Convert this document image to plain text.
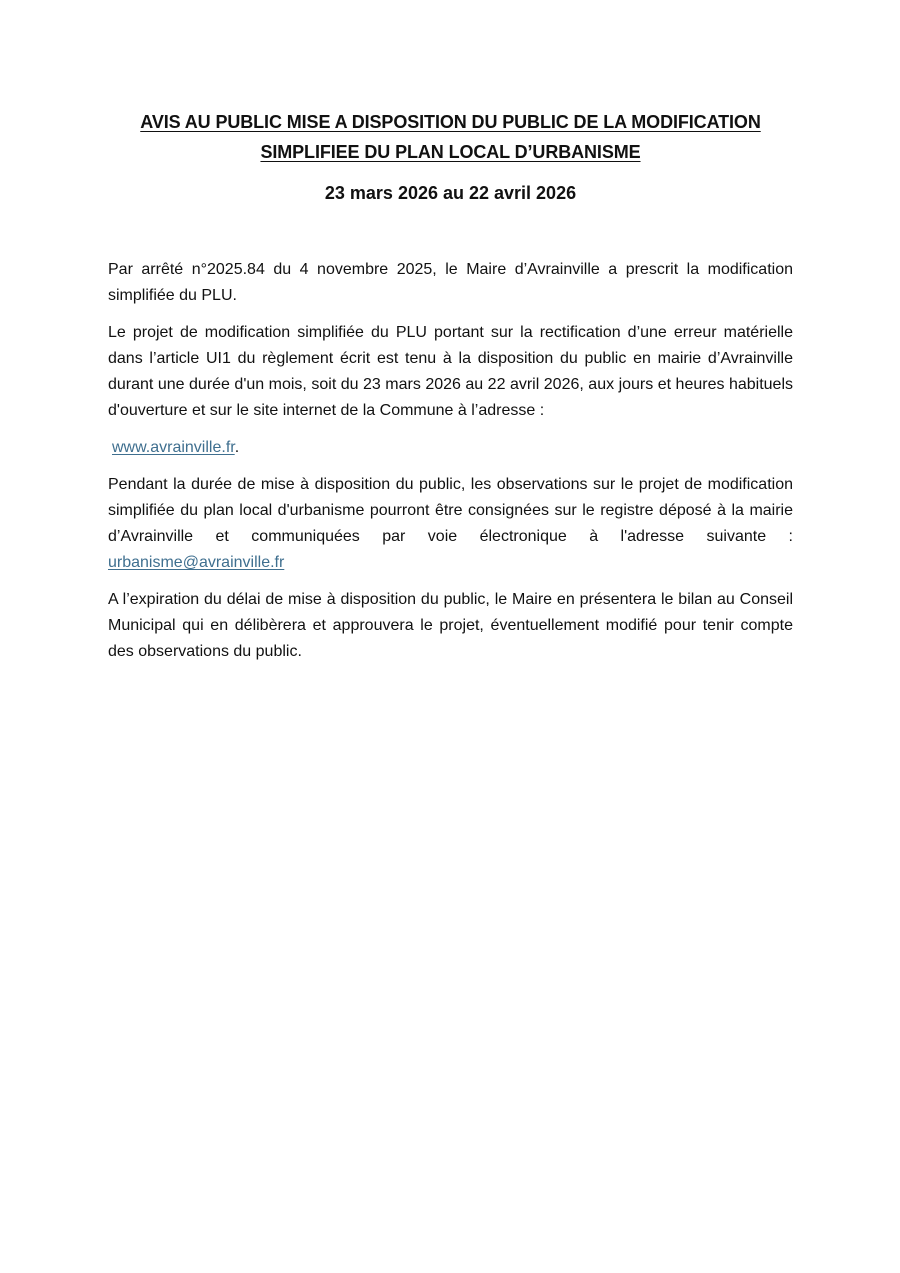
AVIS AU PUBLIC MISE A DISPOSITION DU PUBLIC DE LA MODIFICATION SIMPLIFIEE DU PLAN LOCAL D’URBANISME
23 mars 2026 au 22 avril 2026

Par arrêté n°2025.84 du 4 novembre 2025, le Maire d’Avrainville a prescrit la modification simplifiée du PLU.

Le projet de modification simplifiée du PLU portant sur la rectification d’une erreur matérielle dans l’article UI1 du règlement écrit est tenu à la disposition du public en mairie d’Avrainville durant une durée d'un mois, soit du 23 mars 2026 au 22 avril 2026, aux jours et heures habituels d'ouverture et sur le site internet de la Commune à l’adresse :

www.avrainville.fr.

Pendant la durée de mise à disposition du public, les observations sur le projet de modification simplifiée du plan local d'urbanisme pourront être consignées sur le registre déposé à la mairie d’Avrainville et communiquées par voie électronique à l'adresse suivante : urbanisme@avrainville.fr

A l’expiration du délai de mise à disposition du public, le Maire en présentera le bilan au Conseil Municipal qui en délibèrera et approuvera le projet, éventuellement modifié pour tenir compte des observations du public.
